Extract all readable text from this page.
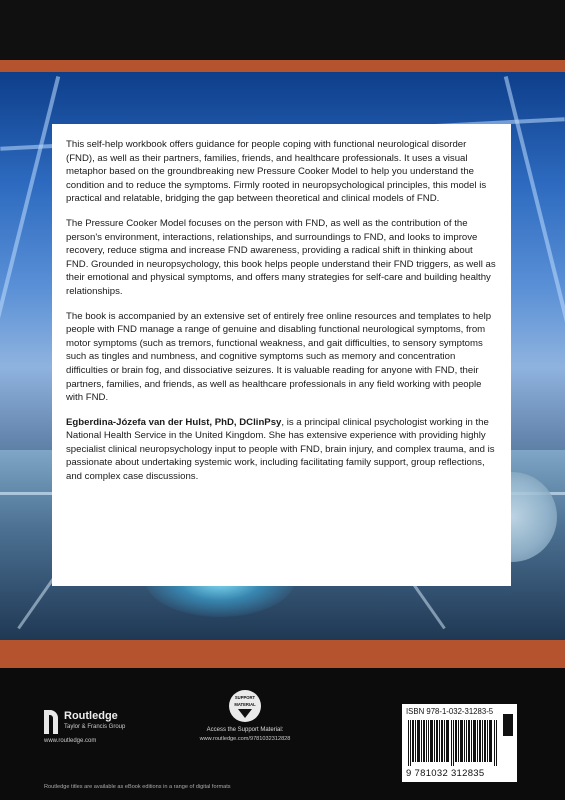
This self-help workbook offers guidance for people coping with functional neurological disorder (FND), as well as their partners, families, friends, and healthcare professionals. It uses a visual metaphor based on the groundbreaking new Pressure Cooker Model to help you understand the condition and to reduce the symptoms. Firmly rooted in neuropsychological principles, this model is practical and relatable, bridging the gap between theoretical and clinical models of FND.

The Pressure Cooker Model focuses on the person with FND, as well as the contribution of the person's environment, interactions, relationships, and surroundings to FND, and looks to improve recovery, reduce stigma and increase FND awareness, providing a radical shift in thinking about FND. Grounded in neuropsychology, this book helps people understand their FND triggers, as well as their emotional and physical symptoms, and offers many strategies for self-care and building healthy relationships.

The book is accompanied by an extensive set of entirely free online resources and templates to help people with FND manage a range of genuine and disabling functional neurological symptoms, from motor symptoms (such as tremors, functional weakness, and gait difficulties, to sensory symptoms such as tingles and numbness, and cognitive symptoms such as memory and concentration difficulties or brain fog, and dissociative seizures. It is valuable reading for anyone with FND, their partners, families, and friends, as well as healthcare professionals in any field working with people with FND.

Egberdina-Józefa van der Hulst, PhD, DClinPsy, is a principal clinical psychologist working in the National Health Service in the United Kingdom. She has extensive experience with providing highly specialist clinical neuropsychology input to people with FND, brain injury, and complex trauma, and is passionate about undertaking systemic work, including facilitating family support, group reflections, and complex case discussions.

Routledge
Taylor & Francis Group
www.routledge.com
SUPPORT MATERIAL
Access the Support Material:
www.routledge.com/9781032312828
ISBN 978-1-032-31283-5
9 781032 312835
Routledge titles are available as eBook editions in a range of digital formats
